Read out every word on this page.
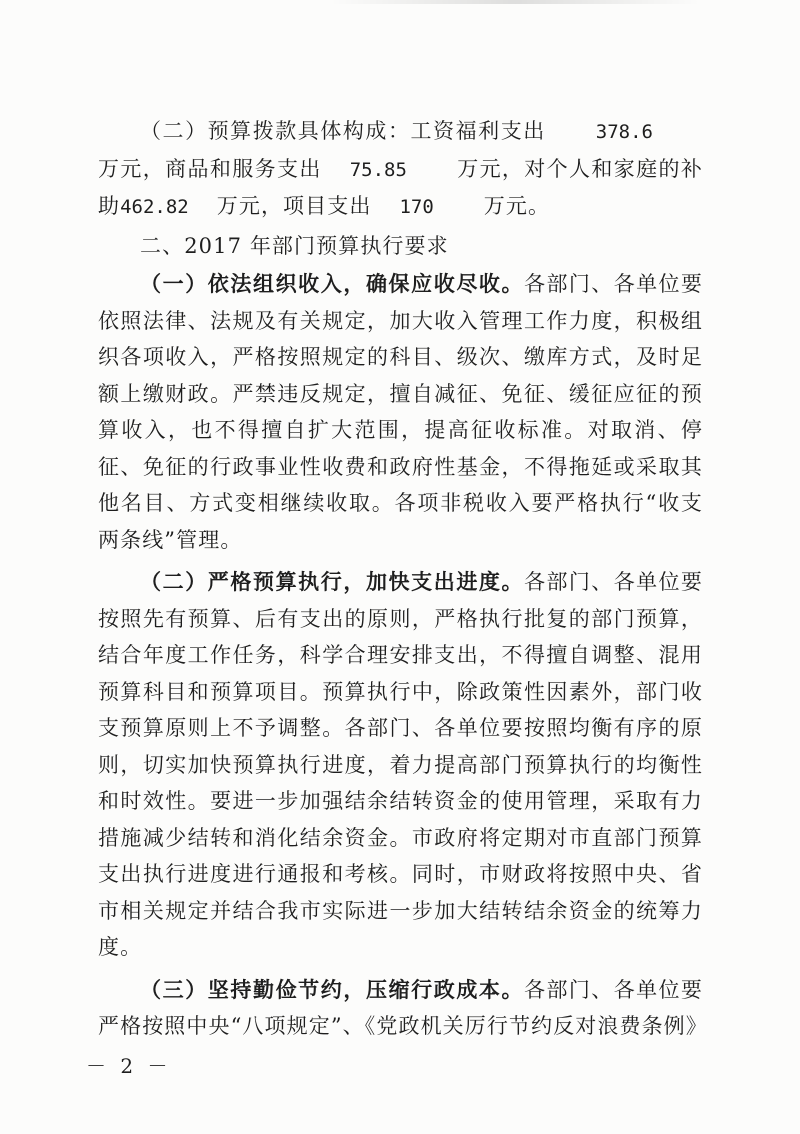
（二）预算拨款具体构成：工资福利支出	378.6万元，商品和服务支出 75.85 万元，对个人和家庭的补助462.82 万元，项目支出 170 万元。

二、2017 年部门预算执行要求

（一）依法组织收入，确保应收尽收。各部门、各单位要依照法律、法规及有关规定，加大收入管理工作力度，积极组织各项收入，严格按照规定的科目、级次、缴库方式，及时足额上缴财政。严禁违反规定，擅自减征、免征、缓征应征的预算收入，也不得擅自扩大范围，提高征收标准。对取消、停征、免征的行政事业性收费和政府性基金，不得拖延或采取其他名目、方式变相继续收取。各项非税收入要严格执行“收支两条线”管理。

（二）严格预算执行，加快支出进度。各部门、各单位要按照先有预算、后有支出的原则，严格执行批复的部门预算，结合年度工作任务，科学合理安排支出，不得擅自调整、混用预算科目和预算项目。预算执行中，除政策性因素外，部门收支预算原则上不予调整。各部门、各单位要按照均衡有序的原则，切实加快预算执行进度，着力提高部门预算执行的均衡性和时效性。要进一步加强结余结转资金的使用管理，采取有力措施减少结转和消化结余资金。市政府将定期对市直部门预算支出执行进度进行通报和考核。同时，市财政将按照中央、省市相关规定并结合我市实际进一步加大结转结余资金的统筹力度。

（三）坚持勤俭节约，压缩行政成本。各部门、各单位要严格按照中央“八项规定”、《党政机关厉行节约反对浪费条例》

－ 2 －
